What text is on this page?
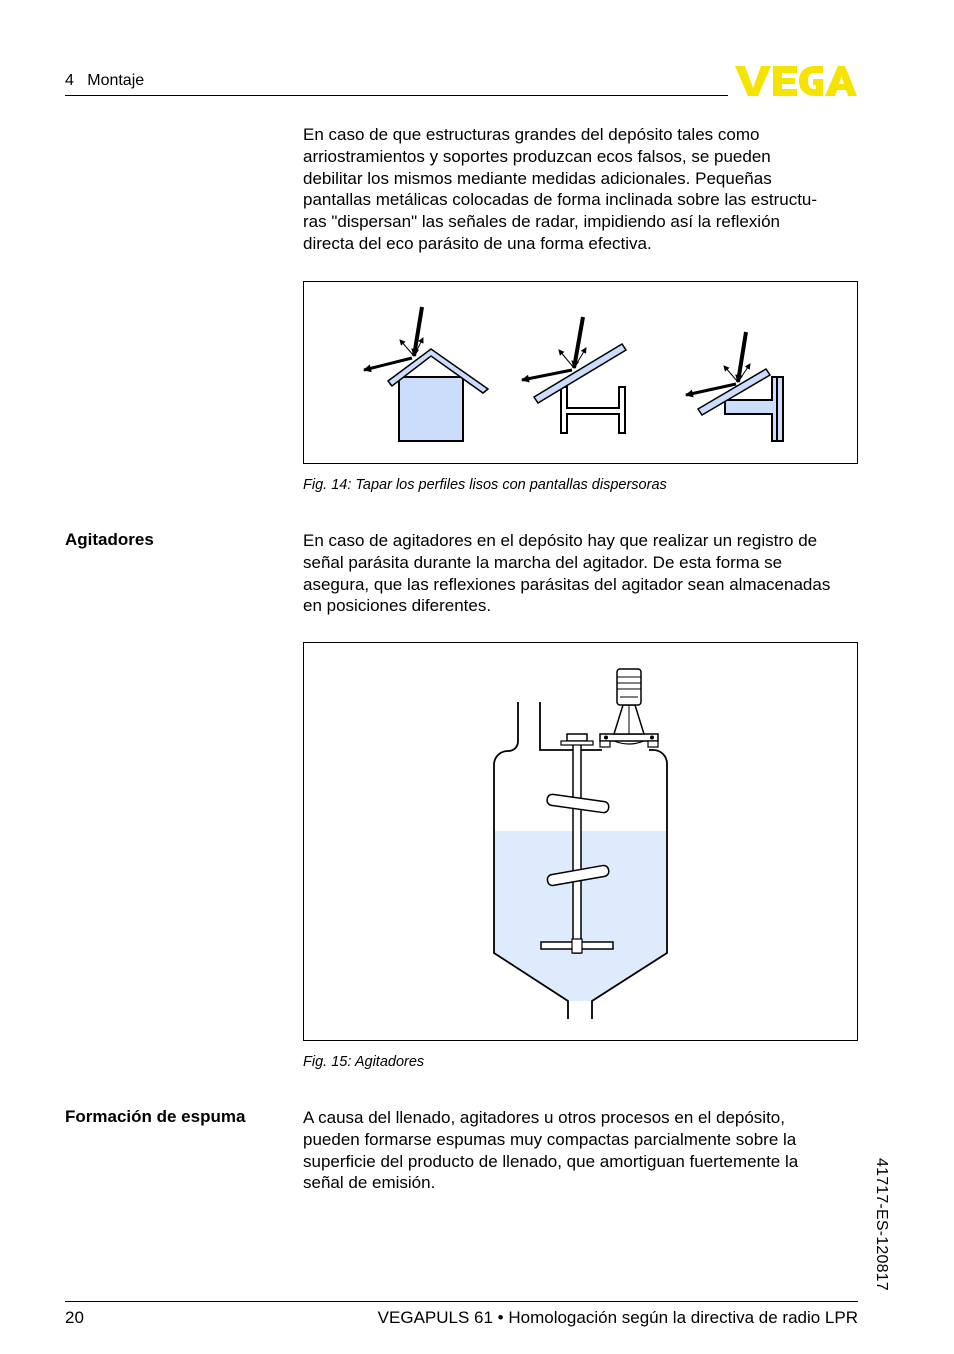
4   Montaje
En caso de que estructuras grandes del depósito tales como
arriostramientos y soportes produzcan ecos falsos, se pueden
debilitar los mismos mediante medidas adicionales. Pequeñas
pantallas metálicas colocadas de forma inclinada sobre las estructu-
ras "dispersan" las señales de radar, impidiendo así la reflexión
directa del eco parásito de una forma efectiva.
Fig. 14: Tapar los perfiles lisos con pantallas dispersoras
Agitadores	En caso de agitadores en el depósito hay que realizar un registro de
señal parásita durante la marcha del agitador. De esta forma se
asegura, que las reflexiones parásitas del agitador sean almacenadas
en posiciones diferentes.
Fig. 15: Agitadores
Formación de espuma	A causa del llenado, agitadores u otros procesos en el depósito,
pueden formarse espumas muy compactas parcialmente sobre la
superficie del producto de llenado, que amortiguan fuertemente la
señal de emisión.	41717-ES-120817
20	VEGAPULS 61 • Homologación según la directiva de radio LPR
